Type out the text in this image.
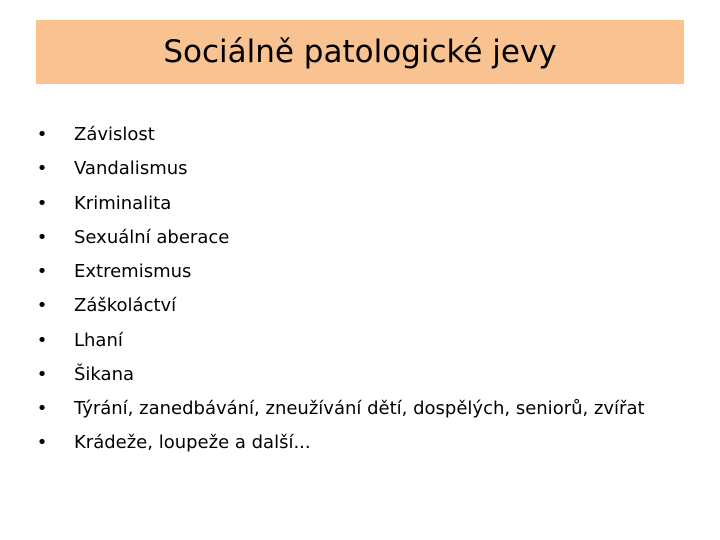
Sociálně patologické jevy
• Závislost
• Vandalismus
• Kriminalita
• Sexuální aberace
• Extremismus
• Záškoláctví
• Lhaní
• Šikana
• Týrání, zanedbávání, zneužívání dětí, dospělých, seniorů, zvířat
• Krádeže, loupeže a další...
